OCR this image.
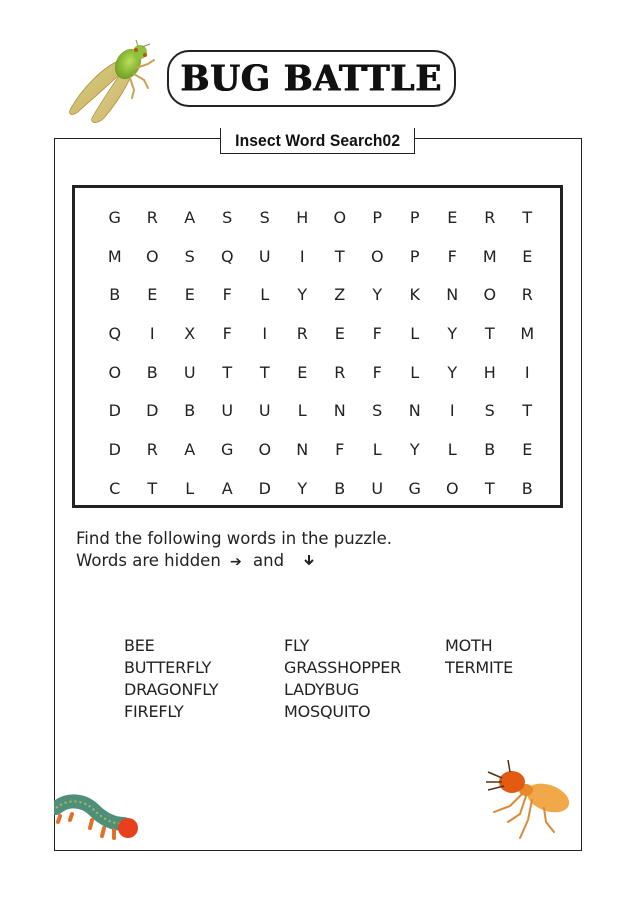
BUG BATTLE
Insect Word Search02
G	R	A	S	S	H	O	P	P	E	R	T
M	O	S	Q	U	I	T	O	P	F	M	E
B	E	E	F	L	Y	Z	Y	K	N	O	R
Q	I	X	F	I	R	E	F	L	Y	T	M
O	B	U	T	T	E	R	F	L	Y	H	I
D	D	B	U	U	L	N	S	N	I	S	T
D	R	A	G	O	N	F	L	Y	L	B	E
C	T	L	A	D	Y	B	U	G	O	T	B
Find the following words in the puzzle.
Words are hidden ➔ and
BEE
BUTTERFLY
DRAGONFLY
FIREFLY
FLY
GRASSHOPPER
LADYBUG
MOSQUITO
MOTH
TERMITE
